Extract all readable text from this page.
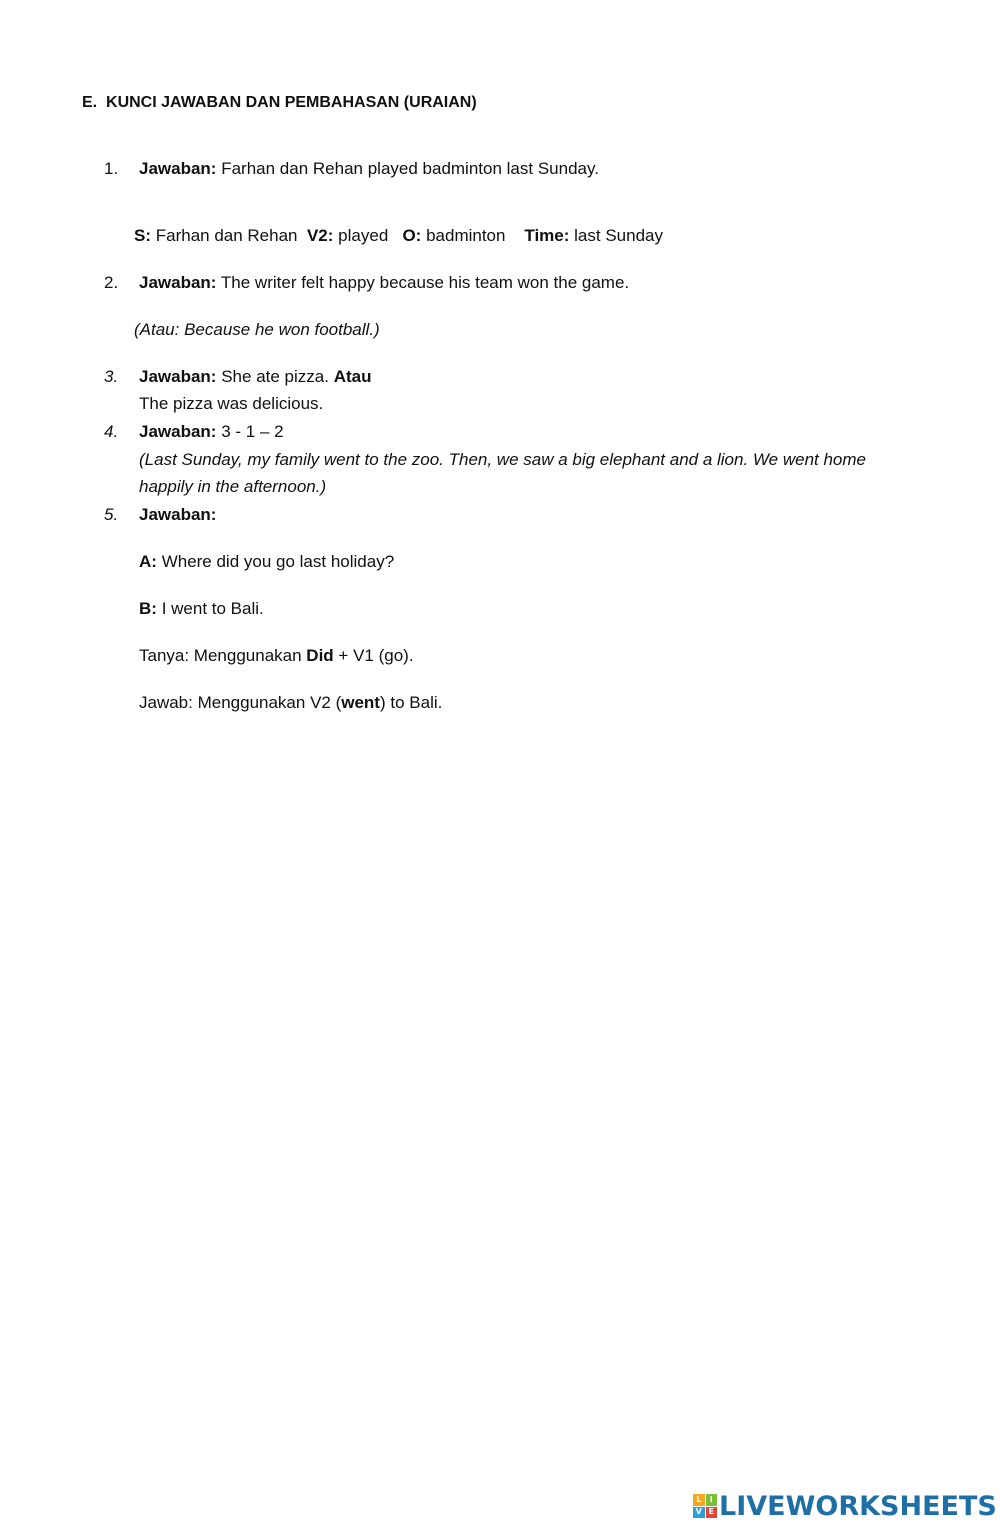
E. KUNCI JAWABAN DAN PEMBAHASAN (URAIAN)
1. Jawaban: Farhan dan Rehan played badminton last Sunday.
S: Farhan dan Rehan V2: played O: badminton Time: last Sunday
2. Jawaban: The writer felt happy because his team won the game.
(Atau: Because he won football.)
3. Jawaban: She ate pizza. Atau
The pizza was delicious.
4. Jawaban: 3 - 1 – 2
(Last Sunday, my family went to the zoo. Then, we saw a big elephant and a lion. We went home
happily in the afternoon.)
5. Jawaban:
A: Where did you go last holiday?
B: I went to Bali.
Tanya: Menggunakan Did + V1 (go).
Jawab: Menggunakan V2 (went) to Bali.
L	I
V E LIVEWORKSHEETS
